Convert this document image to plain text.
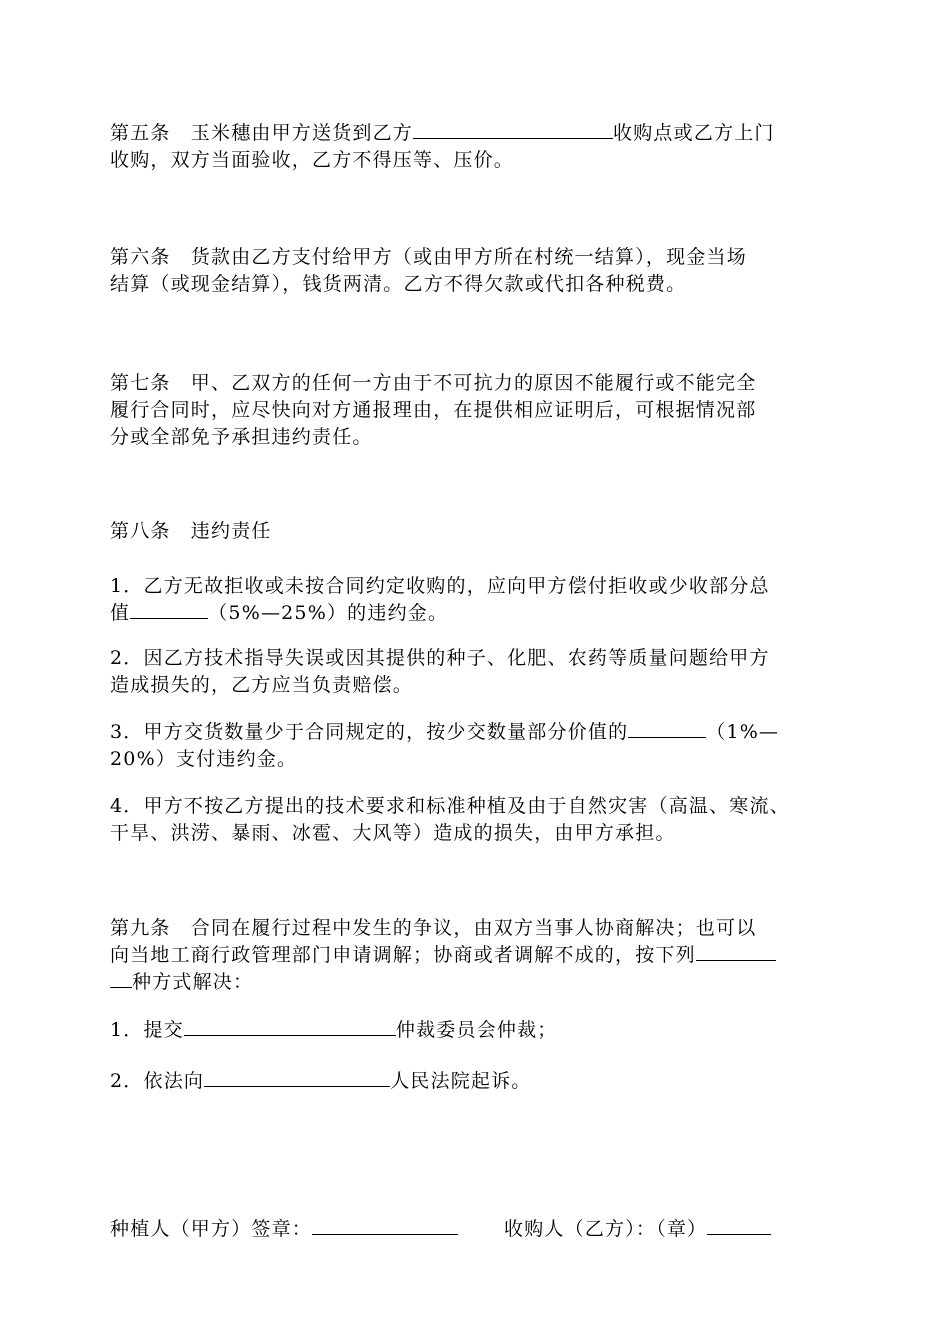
第五条　玉米穗由甲方送货到乙方	收购点或乙方上门
收购，双方当面验收，乙方不得压等、压价。
第六条　货款由乙方支付给甲方（或由甲方所在村统一结算），现金当场
结算（或现金结算），钱货两清。乙方不得欠款或代扣各种税费。
第七条　甲、乙双方的任何一方由于不可抗力的原因不能履行或不能完全
履行合同时，应尽快向对方通报理由，在提供相应证明后，可根据情况部
分或全部免予承担违约责任。
第八条　违约责任
1．乙方无故拒收或未按合同约定收购的，应向甲方偿付拒收或少收部分总
值	（5%—25%）的违约金。
2．因乙方技术指导失误或因其提供的种子、化肥、农药等质量问题给甲方
造成损失的，乙方应当负责赔偿。
3．甲方交货数量少于合同规定的，按少交数量部分价值的	（1%—
20%）支付违约金。
4．甲方不按乙方提出的技术要求和标准种植及由于自然灾害（高温、寒流、
干旱、洪涝、暴雨、冰雹、大风等）造成的损失，由甲方承担。
第九条　合同在履行过程中发生的争议，由双方当事人协商解决；也可以
向当地工商行政管理部门申请调解；协商或者调解不成的，按下列
种方式解决：
1．提交	仲裁委员会仲裁；
2．依法向	人民法院起诉。
种植人（甲方）签章：	收购人（乙方）：（章）
